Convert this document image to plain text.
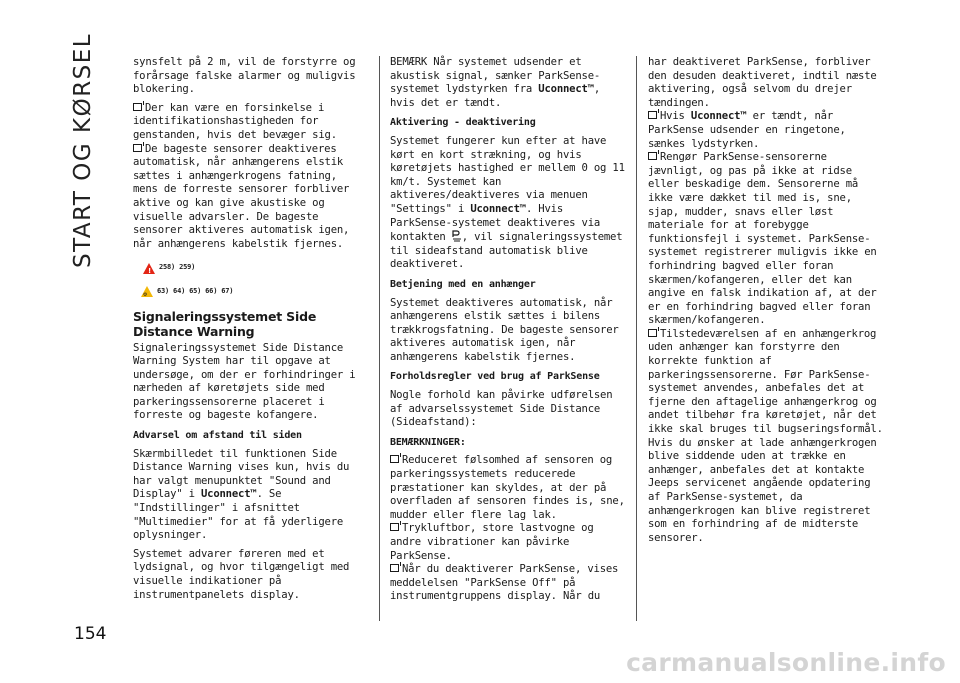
START OG KØRSEL
154

synsfelt på 2 m, vil de forstyrre og forårsage falske alarmer og muligvis blokering.

Der kan være en forsinkelse i identifikationshastigheden for genstanden, hvis det bevæger sig.

De bageste sensorer deaktiveres automatisk, når anhængerens elstik sættes i anhængerkrogens fatning, mens de forreste sensorer forbliver aktive og kan give akustiske og visuelle advarsler. De bageste sensorer aktiveres automatisk igen, når anhængerens kabelstik fjernes.

! 258) 259)
⚙
63) 64) 65) 66) 67)
Signaleringssystemet Side Distance Warning

Signaleringssystemet Side Distance Warning System har til opgave at undersøge, om der er forhindringer i nærheden af køretøjets side med parkeringssensorerne placeret i forreste og bageste kofangere.

Advarsel om afstand til siden

Skærmbilledet til funktionen Side Distance Warning vises kun, hvis du har valgt menupunktet "Sound and Display" i Uconnect™. Se "Indstillinger" i afsnittet "Multimedier" for at få yderligere oplysninger.

Systemet advarer føreren med et lydsignal, og hvor tilgængeligt med visuelle indikationer på instrumentpanelets display.

BEMÆRK Når systemet udsender et akustisk signal, sænker ParkSense-systemet lydstyrken fra Uconnect™, hvis det er tændt.

Aktivering - deaktivering

Systemet fungerer kun efter at have kørt en kort strækning, og hvis køretøjets hastighed er mellem 0 og 11 km/t. Systemet kan aktiveres/deaktiveres via menuen "Settings" i Uconnect™. Hvis ParkSense-systemet deaktiveres via kontakten , vil signaleringssystemet til sideafstand automatisk blive deaktiveret.

Betjening med en anhænger

Systemet deaktiveres automatisk, når anhængerens elstik sættes i bilens trækkrogsfatning. De bageste sensorer aktiveres automatisk igen, når anhængerens kabelstik fjernes.

Forholdsregler ved brug af ParkSense

Nogle forhold kan påvirke udførelsen af advarselssystemet Side Distance (Sideafstand):

BEMÆRKNINGER:

Reduceret følsomhed af sensoren og parkeringssystemets reducerede præstationer kan skyldes, at der på overfladen af sensoren findes is, sne, mudder eller flere lag lak.

Trykluftbor, store lastvogne og andre vibrationer kan påvirke ParkSense.

Når du deaktiverer ParkSense, vises meddelelsen "ParkSense Off" på instrumentgruppens display. Når du

har deaktiveret ParkSense, forbliver den desuden deaktiveret, indtil næste aktivering, også selvom du drejer tændingen.

Hvis Uconnect™ er tændt, når ParkSense udsender en ringetone, sænkes lydstyrken.

Rengør ParkSense-sensorerne jævnligt, og pas på ikke at ridse eller beskadige dem. Sensorerne må ikke være dækket til med is, sne, sjap, mudder, snavs eller løst materiale for at forebygge funktionsfejl i systemet. ParkSense-systemet registrerer muligvis ikke en forhindring bagved eller foran skærmen/kofangeren, eller det kan angive en falsk indikation af, at der er en forhindring bagved eller foran skærmen/kofangeren.

Tilstedeværelsen af en anhængerkrog uden anhænger kan forstyrre den korrekte funktion af parkeringssensorerne. Før ParkSense-systemet anvendes, anbefales det at fjerne den aftagelige anhængerkrog og andet tilbehør fra køretøjet, når det ikke skal bruges til bugseringsformål. Hvis du ønsker at lade anhængerkrogen blive siddende uden at trække en anhænger, anbefales det at kontakte Jeeps servicenet angående opdatering af ParkSense-systemet, da anhængerkrogen kan blive registreret som en forhindring af de midterste sensorer.

carmanualsonline.info
